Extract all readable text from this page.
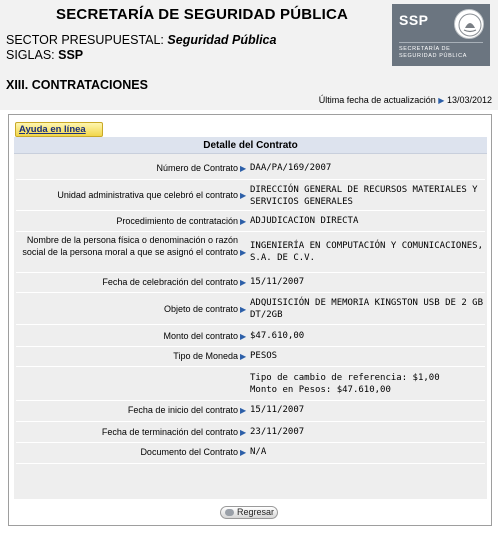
SECRETARÍA DE SEGURIDAD PÚBLICA
SECTOR PRESUPUESTAL: Seguridad Pública
SIGLAS: SSP
SSP
SECRETARÍA DE
SEGURIDAD PÚBLICA
XIII. CONTRATACIONES
Última fecha de actualización ▶ 13/03/2012
Ayuda en línea
Detalle del Contrato
Número de Contrato ▶ DAA/PA/169/2007
Unidad administrativa que celebró el contrato ▶
DIRECCIÓN GENERAL DE RECURSOS MATERIALES Y SERVICIOS GENERALES
Procedimiento de contratación ▶ ADJUDICACION DIRECTA
Nombre de la persona física o denominación o razón social de la persona moral a que se asignó el contrato ▶
INGENIERÍA EN COMPUTACIÓN Y COMUNICACIONES, S.A. DE C.V.
Fecha de celebración del contrato ▶ 15/11/2007
Objeto de contrato ▶
ADQUISICIÓN DE MEMORIA KINGSTON USB DE 2 GB DT/2GB
Monto del contrato ▶ $47.610,00
Tipo de Moneda ▶ PESOS
Tipo de cambio de referencia: $1,00
Monto en Pesos: $47.610,00
Fecha de inicio del contrato ▶ 15/11/2007
Fecha de terminación del contrato ▶ 23/11/2007
Documento del Contrato ▶ N/A
Regresar
